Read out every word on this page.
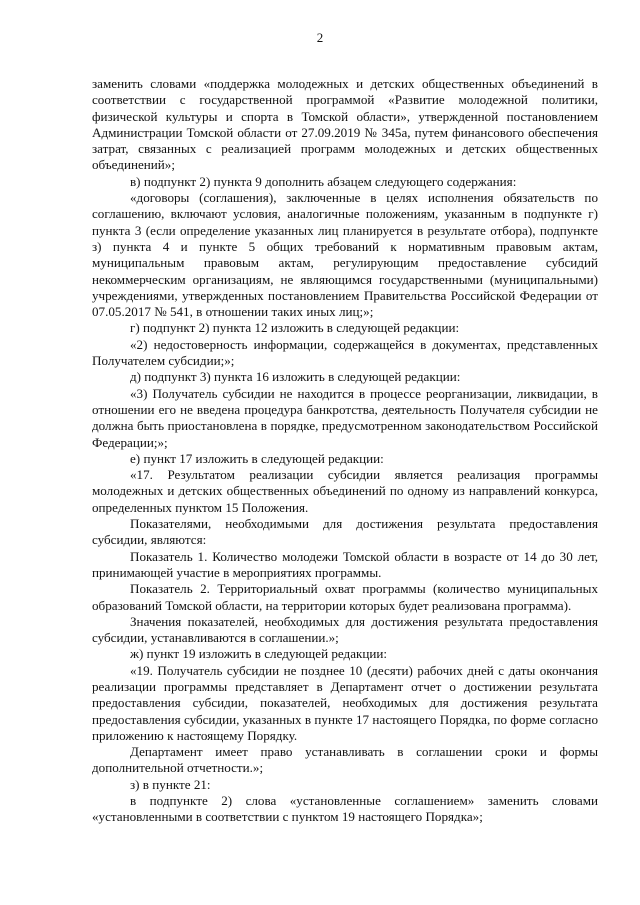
2

заменить словами «поддержка молодежных и детских общественных объединений в соответствии с государственной программой «Развитие молодежной политики, физической культуры и спорта в Томской области», утвержденной постановлением Администрации Томской области от 27.09.2019 № 345а, путем финансового обеспечения затрат, связанных с реализацией программ молодежных и детских общественных объединений»;

в) подпункт 2) пункта 9 дополнить абзацем следующего содержания:

«договоры (соглашения), заключенные в целях исполнения обязательств по соглашению, включают условия, аналогичные положениям, указанным в подпункте г) пункта 3 (если определение указанных лиц планируется в результате отбора), подпункте з) пункта 4 и пункте 5 общих требований к нормативным правовым актам, муниципальным правовым актам, регулирующим предоставление субсидий некоммерческим организациям, не являющимся государственными (муниципальными) учреждениями, утвержденных постановлением Правительства Российской Федерации от 07.05.2017 № 541, в отношении таких иных лиц;»;

г) подпункт 2) пункта 12 изложить в следующей редакции:

«2) недостоверность информации, содержащейся в документах, представленных Получателем субсидии;»;

д) подпункт 3) пункта 16 изложить в следующей редакции:

«3) Получатель субсидии не находится в процессе реорганизации, ликвидации, в отношении его не введена процедура банкротства, деятельность Получателя субсидии не должна быть приостановлена в порядке, предусмотренном законодательством Российской Федерации;»;

е) пункт 17 изложить в следующей редакции:

«17. Результатом реализации субсидии является реализация программы молодежных и детских общественных объединений по одному из направлений конкурса, определенных пунктом 15 Положения.

Показателями, необходимыми для достижения результата предоставления субсидии, являются:

Показатель 1. Количество молодежи Томской области в возрасте от 14 до 30 лет, принимающей участие в мероприятиях программы.

Показатель 2. Территориальный охват программы (количество муниципальных образований Томской области, на территории которых будет реализована программа).

Значения показателей, необходимых для достижения результата предоставления субсидии, устанавливаются в соглашении.»;

ж) пункт 19 изложить в следующей редакции:

«19. Получатель субсидии не позднее 10 (десяти) рабочих дней с даты окончания реализации программы представляет в Департамент отчет о достижении результата предоставления субсидии, показателей, необходимых для достижения результата предоставления субсидии, указанных в пункте 17 настоящего Порядка, по форме согласно приложению к настоящему Порядку.

Департамент имеет право устанавливать в соглашении сроки и формы дополнительной отчетности.»;

з) в пункте 21:

в подпункте 2) слова «установленные соглашением» заменить словами «установленными в соответствии с пунктом 19 настоящего Порядка»;
